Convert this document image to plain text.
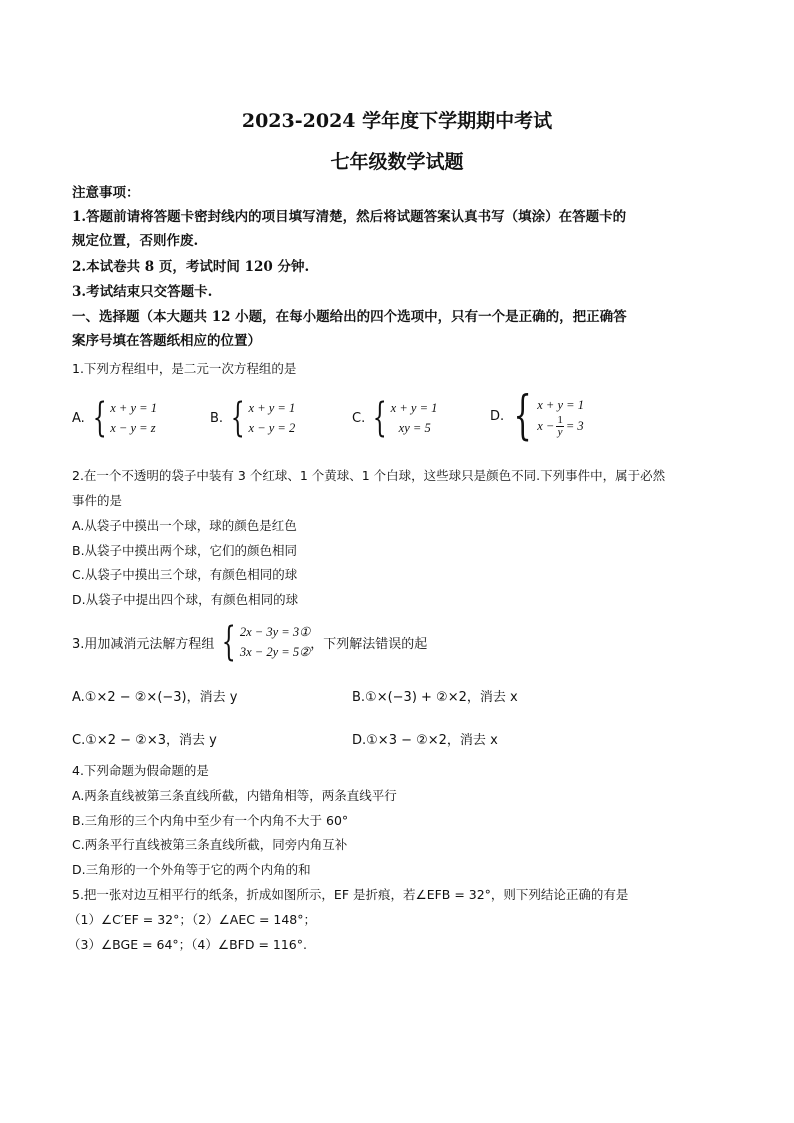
2023-2024 学年度下学期期中考试
七年级数学试题
注意事项：
1.答题前请将答题卡密封线内的项目填写清楚，然后将试题答案认真书写（填涂）在答题卡的
规定位置，否则作废.
2.本试卷共 8 页，考试时间 120 分钟.
3.考试结束只交答题卡.
一、选择题（本大题共 12 小题，在每小题给出的四个选项中，只有一个是正确的，把正确答
案序号填在答题纸相应的位置）
1.下列方程组中，是二元一次方程组的是
A. { x + y = 1
x − y = z
B. { x + y = 1
x − y = 2
C. { x + y = 1
xy = 5
D. { x + y = 1
$x - \frac{1}{y} = 3$
2.在一个不透明的袋子中装有 3 个红球、1 个黄球、1 个白球，这些球只是颜色不同.下列事件中，属于必然
事件的是
A.从袋子中摸出一个球，球的颜色是红色
B.从袋子中摸出两个球，它们的颜色相同
C.从袋子中摸出三个球，有颜色相同的球
D.从袋子中提出四个球，有颜色相同的球
3.用加减消元法解方程组 { 2x − 3y = 3①
3x − 2y = 5②
，下列解法错误的起
A.①×2 − ②×(−3)，消去 y	B.①×(−3) + ②×2，消去 x
C.①×2 − ②×3，消去 y	D.①×3 − ②×2，消去 x
4.下列命题为假命题的是
A.两条直线被第三条直线所截，内错角相等，两条直线平行
B.三角形的三个内角中至少有一个内角不大于 60°
C.两条平行直线被第三条直线所截，同旁内角互补
D.三角形的一个外角等于它的两个内角的和
5.把一张对边互相平行的纸条，折成如图所示，EF 是折痕，若∠EFB = 32°，则下列结论正确的有是
（1）∠C′EF = 32°；（2）∠AEC = 148°；
（3）∠BGE = 64°；（4）∠BFD = 116°.
